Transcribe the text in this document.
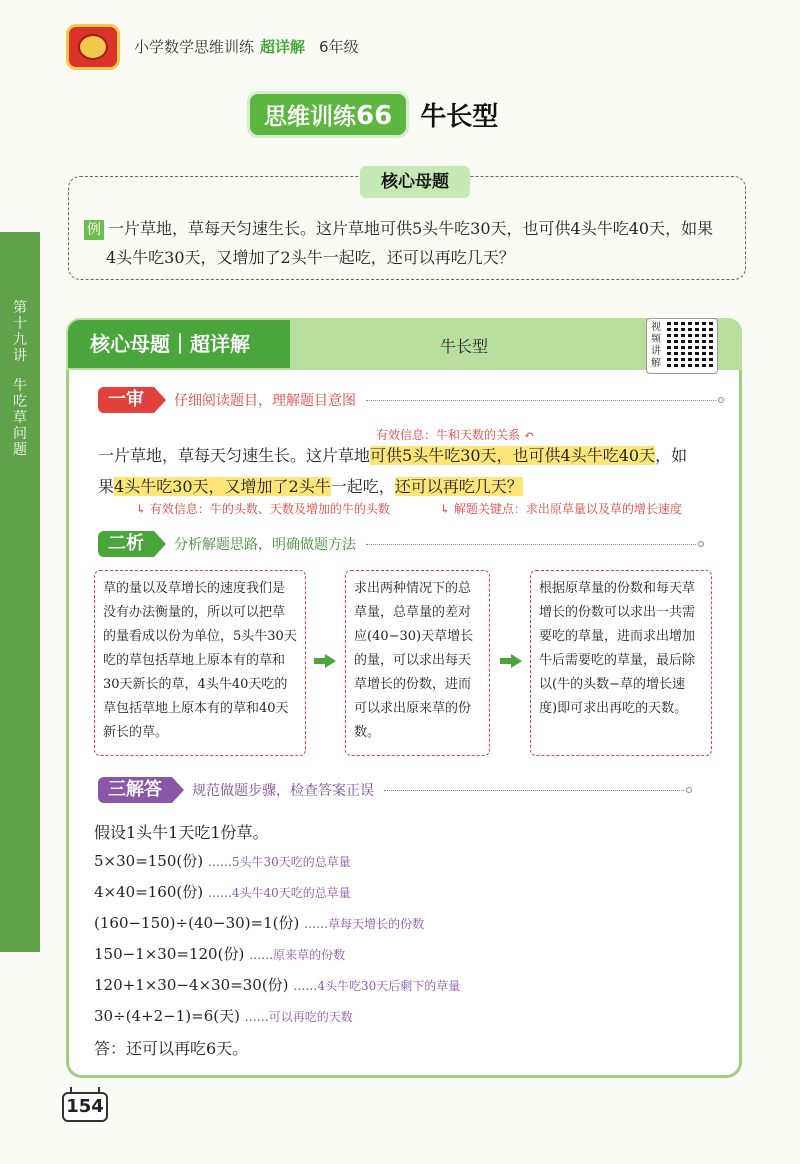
小学数学思维训练 超详解 6年级
第
十
九
讲
牛
吃
草
问
题
思维训练66	牛长型
核心母题
例 一片草地，草每天匀速生长。这片草地可供5头牛吃30天，也可供4头牛吃40天，如果
4头牛吃30天，又增加了2头牛一起吃，还可以再吃几天？
核心母题｜超详解	牛长型
视
频
讲
解
一审	仔细阅读题目，理解题目意图
有效信息：牛和天数的关系 ↶
一片草地，草每天匀速生长。这片草地可供5头牛吃30天，也可供4头牛吃40天，如
果4头牛吃30天，又增加了2头牛一起吃，还可以再吃几天？
↳ 有效信息：牛的头数、天数及增加的牛的头数	↳ 解题关键点：求出原草量以及草的增长速度
二析	分析解题思路，明确做题方法
草的量以及草增长的速度我们是没有办法衡量的，所以可以把草的量看成以份为单位，5头牛30天吃的草包括草地上原本有的草和30天新长的草，4头牛40天吃的草包括草地上原本有的草和40天新长的草。
求出两种情况下的总草量，总草量的差对应(40−30)天草增长的量，可以求出每天草增长的份数，进而可以求出原来草的份数。
根据原草量的份数和每天草增长的份数可以求出一共需要吃的草量，进而求出增加牛后需要吃的草量，最后除以(牛的头数−草的增长速度)即可求出再吃的天数。
三解答	规范做题步骤，检查答案正误
假设1头牛1天吃1份草。
5×30=150(份) ……5头牛30天吃的总草量
4×40=160(份) ……4头牛40天吃的总草量
(160−150)÷(40−30)=1(份) ……草每天增长的份数
150−1×30=120(份) ……原来草的份数
120+1×30−4×30=30(份) ……4头牛吃30天后剩下的草量
30÷(4+2−1)=6(天) ……可以再吃的天数
答：还可以再吃6天。
154
